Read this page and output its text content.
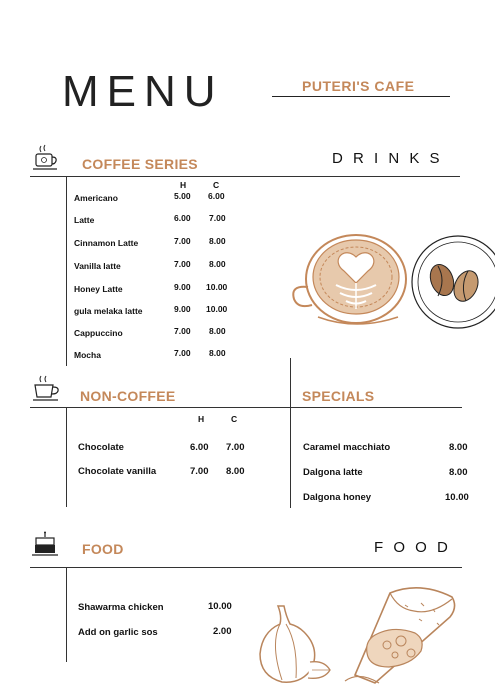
MENU	PUTERI'S CAFE
COFFEE SERIES	D R I N K S
H	C
Americano	5.00 6.00
Latte	6.00 7.00
Cinnamon Latte	7.00 8.00
Vanilla latte	7.00 8.00
Honey Latte	9.00 10.00
gula melaka latte	9.00 10.00
Cappuccino	7.00 8.00
Mocha	7.00 8.00
NON-COFFEE	SPECIALS
H	C
Chocolate	6.00 7.00
Chocolate vanilla	7.00 8.00
Caramel macchiato	8.00
Dalgona latte	8.00
Dalgona honey	10.00
FOOD	F O O D
Shawarma chicken	10.00
Add on garlic sos	2.00
